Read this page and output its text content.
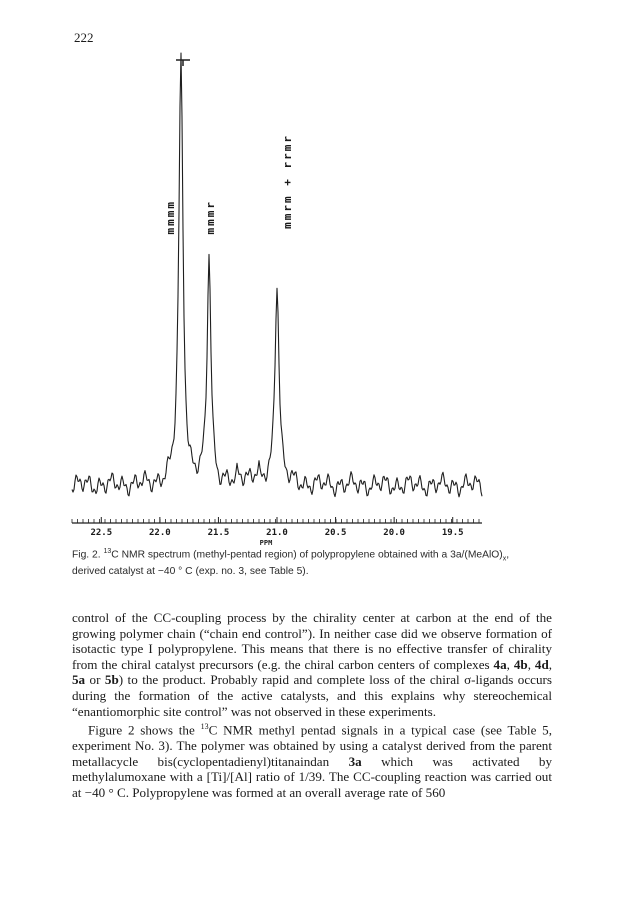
222
mmmm mmmr	mmrm + rrmr
22.5	22.0	21.5	21.0	20.5	20.0	19.5
PPM
Fig. 2. $^{13}$C NMR spectrum (methyl-pentad region) of polypropylene obtained with a $3a/(MeAlO)_x$,
derived catalyst at −40 ° C (exp. no. 3, see Table 5).

control of the CC-coupling process by the chirality center at carbon at the end of the growing polymer chain (“chain end control”). In neither case did we observe formation of isotactic type I polypropylene. This means that there is no effective transfer of chirality from the chiral catalyst precursors (e.g. the chiral carbon centers of complexes 4a, 4b, 4d, 5a or 5b) to the product. Probably rapid and complete loss of the chiral σ-ligands occurs during the formation of the active catalysts, and this explains why stereochemical “enantiomorphic site control” was not observed in these experiments.

Figure 2 shows the $^{13}$C NMR methyl pentad signals in a typical case (see Table 5, experiment No. 3). The polymer was obtained by using a catalyst derived from the parent metallacycle bis(cyclopentadienyl)titanaindan 3a which was activated by methylalumoxane with a [Ti]/[Al] ratio of 1/39. The CC-coupling reaction was carried out at −40 ° C. Polypropylene was formed at an overall average rate of 560
